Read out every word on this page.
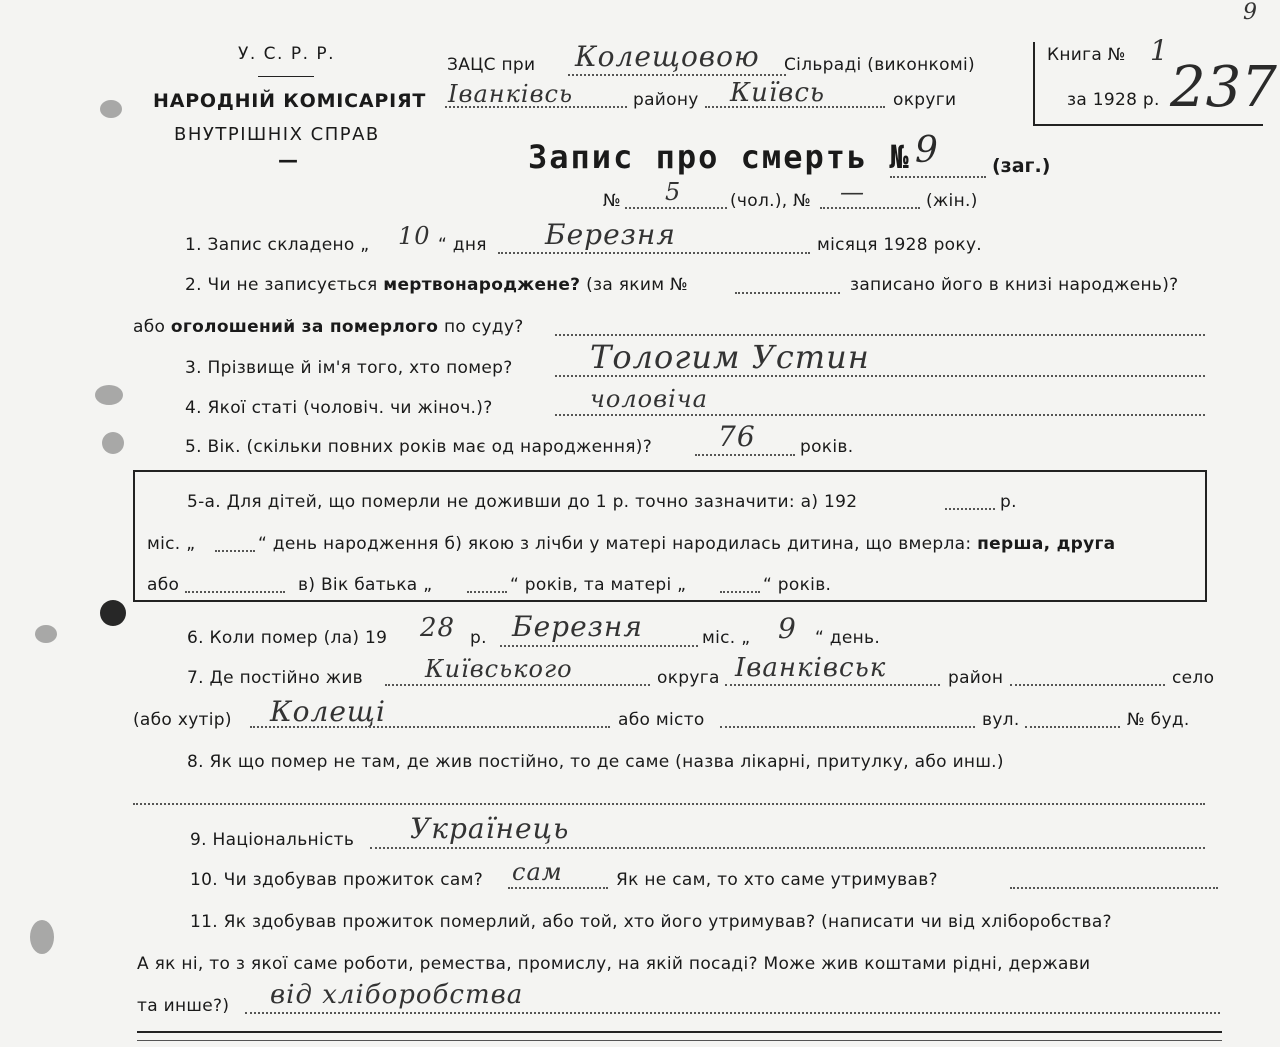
9
У. С. Р. Р.
НАРОДНІЙ КОМІСАРІЯТ
ВНУТРІШНІХ СПРАВ
—
ЗАЦС при Колещовою Сільраді (виконкомі)
Іванківсь	району Київсь	округи
Книга № 1
за 1928 р. 237
Запис про смерть № 9	(заг.)
№ 5	(чол.), № —	(жін.)
1. Запис складено „ 10 “ дня Березня	місяця 1928 року.
2. Чи не записується мертвонароджене? (за яким №	записано його в книзі народжень)?
або оголошений за померлого по суду?
3. Прізвище й ім'я того, хто помер? Тологим Устин
4. Якої статі (чоловіч. чи жіноч.)?	чоловіча
5. Вік. (скільки повних років має од народження)? 76	років.
5-а. Для дітей, що померли не доживши до 1 р. точно зазначити: а) 192	р.
міс. „	“ день народження б) якою з лічби у матері народилась дитина, що вмерла: перша, друга
або	в) Вік батька „	“ років, та матері „	“ років.
6. Коли помер (ла) 19 28 р. Березня	міс. „ 9 “ день.
7. Де постійно жив	Київського	округа Іванківськ	район	село
(або хутір) Колещі	або місто	вул.	№ буд.
8. Як що помер не там, де жив постійно, то де саме (назва лікарні, притулку, або инш.)
9. Національність Українець
10. Чи здобував прожиток сам? сам	Як не сам, то хто саме утримував?
11. Як здобував прожиток померлий, або той, хто його утримував? (написати чи від хліборобства?
А як ні, то з якої саме роботи, ремества, промислу, на якій посаді? Може жив коштами рідні, держави
та инше?) від хліборобства
